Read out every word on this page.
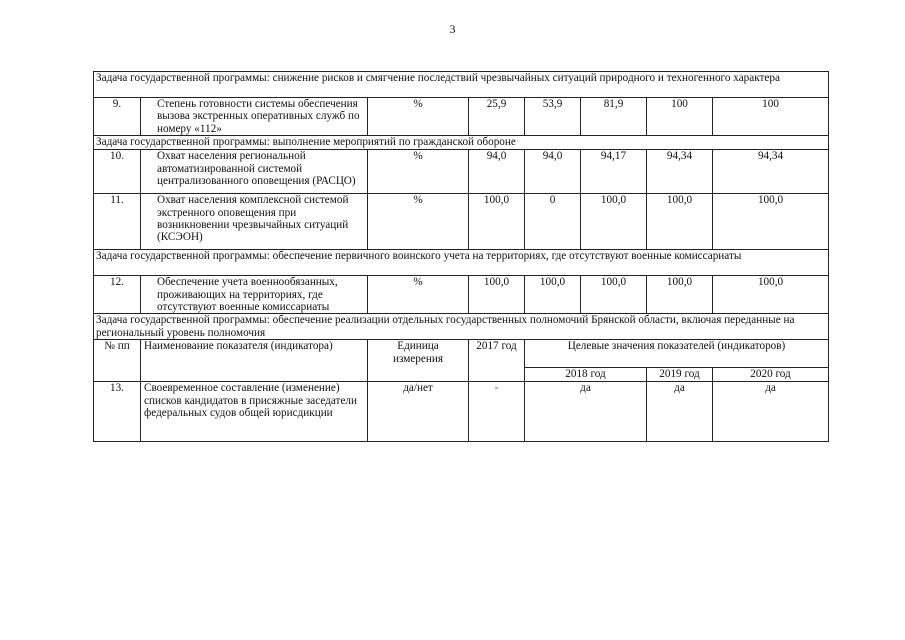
3
Задача государственной программы: снижение рисков и смягчение последствий чрезвычайных ситуаций природного и техногенного характера							
9.	Степень готовности системы обеспечения вызова экстренных оперативных служб по номеру «112»	%	25,9	53,9	81,9	100	100
Задача государственной программы: выполнение мероприятий по гражданской обороне							
10.	Охват населения региональной автоматизированной системой централизованного оповещения (РАСЦО)	%	94,0	94,0	94,17	94,34	94,34
11.	Охват населения комплексной системой экстренного оповещения при возникновении чрезвычайных ситуаций (КСЭОН)	%	100,0	0	100,0	100,0	100,0
Задача государственной программы: обеспечение первичного воинского учета на территориях, где отсутствуют военные комиссариаты							
12.	Обеспечение учета военнообязанных, проживающих на территориях, где отсутствуют военные комиссариаты	%	100,0	100,0	100,0	100,0	100,0
Задача государственной программы: обеспечение реализации отдельных государственных полномочий Брянской области, включая переданные на региональный уровень полномочия							
№ пп	Наименование показателя (индикатора)	Единица измерения	2017 год	Целевые значения показателей (индикаторов)			
				2018 год		2019 год	2020 год
13.	Своевременное составление (изменение) списков кандидатов в присяжные заседатели федеральных судов общей юрисдикции	да/нет	-	да		да	да
